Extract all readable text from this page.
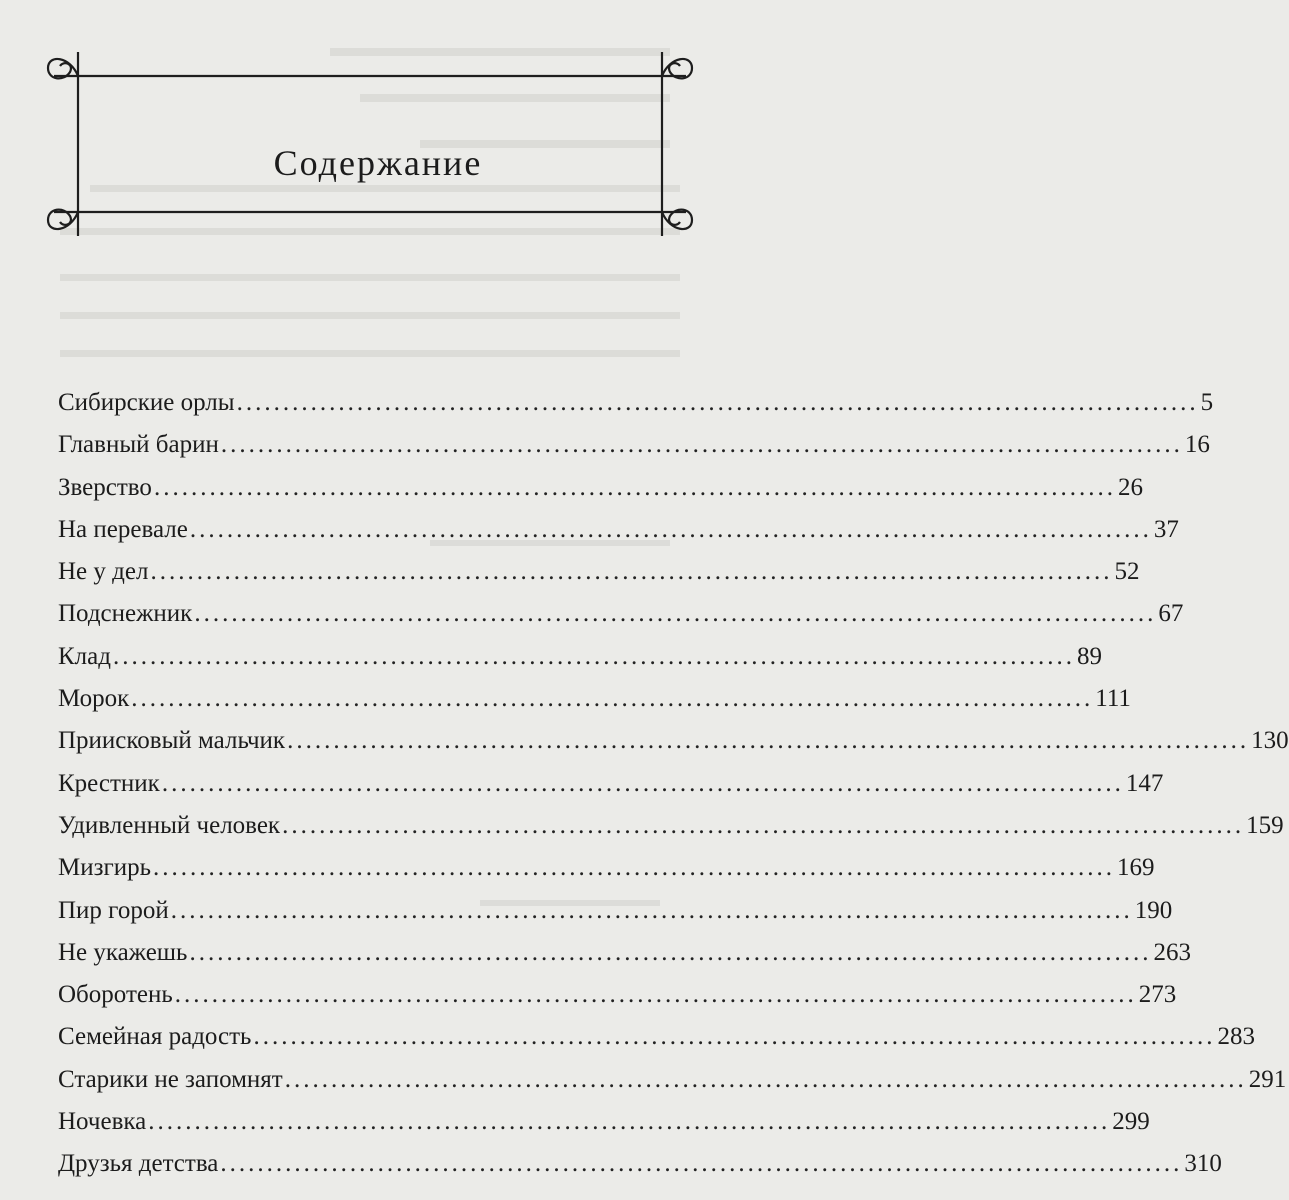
Содержание
Сибирские орлы ........................................................................................................ 5
Главный барин ........................................................................................................ 16
Зверство ........................................................................................................ 26
На перевале ........................................................................................................ 37
Не у дел ........................................................................................................ 52
Подснежник ........................................................................................................ 67
Клад ........................................................................................................ 89
Морок ........................................................................................................ 111
Приисковый мальчик ........................................................................................................ 130
Крестник ........................................................................................................ 147
Удивленный человек ........................................................................................................ 159
Мизгирь ........................................................................................................ 169
Пир горой ........................................................................................................ 190
Не укажешь ........................................................................................................ 263
Оборотень ........................................................................................................ 273
Семейная радость ........................................................................................................ 283
Старики не запомнят ........................................................................................................ 291
Ночевка ........................................................................................................ 299
Друзья детства ........................................................................................................ 310
